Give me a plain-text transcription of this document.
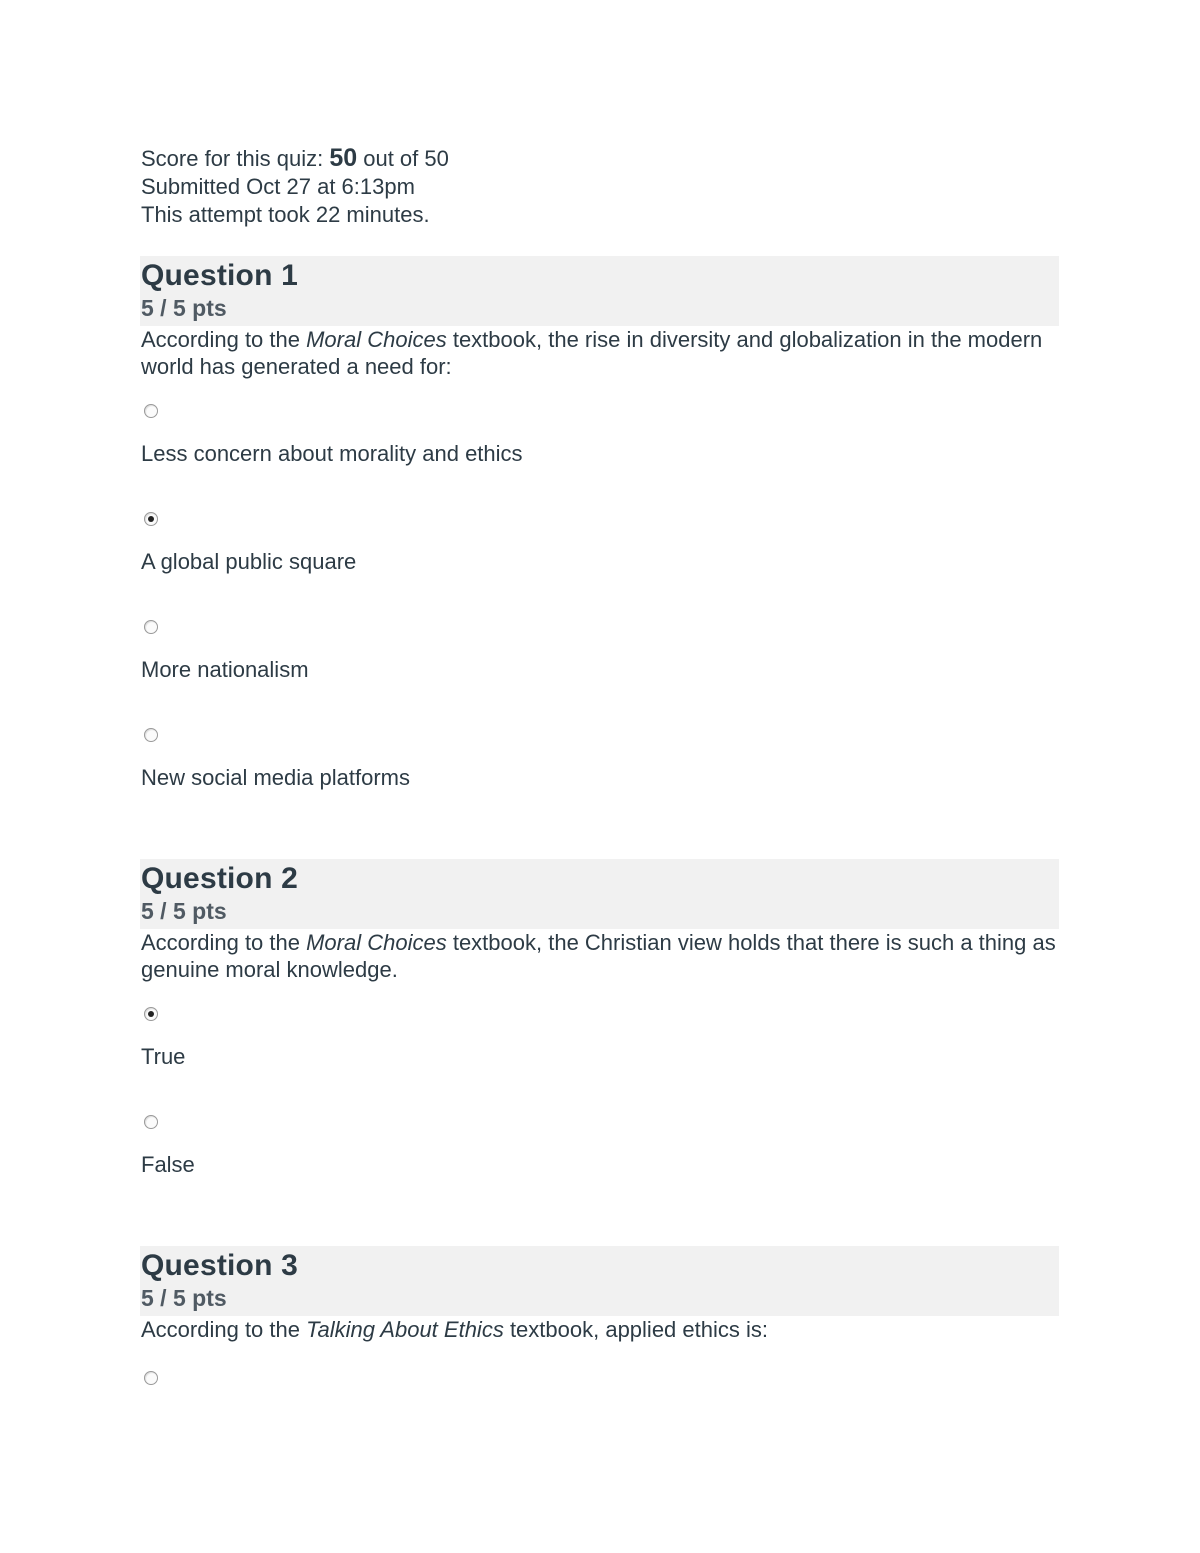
Score for this quiz: 50 out of 50
Submitted Oct 27 at 6:13pm
This attempt took 22 minutes.
Question 1
5 / 5 pts
According to the Moral Choices textbook, the rise in diversity and globalization in the modern world has generated a need for:
Less concern about morality and ethics
A global public square
More nationalism
New social media platforms
Question 2
5 / 5 pts
According to the Moral Choices textbook, the Christian view holds that there is such a thing as genuine moral knowledge.
True
False
Question 3
5 / 5 pts
According to the Talking About Ethics textbook, applied ethics is:
